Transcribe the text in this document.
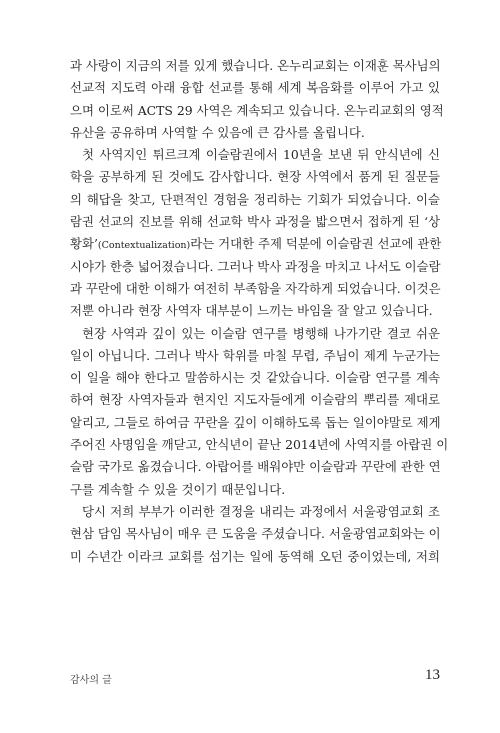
과 사랑이 지금의 저를 있게 했습니다. 온누리교회는 이재훈 목사님의
선교적 지도력 아래 융합 선교를 통해 세계 복음화를 이루어 가고 있
으며 이로써 ACTS 29 사역은 계속되고 있습니다. 온누리교회의 영적
유산을 공유하며 사역할 수 있음에 큰 감사를 올립니다.
첫 사역지인 튀르크계 이슬람권에서 10년을 보낸 뒤 안식년에 신
학을 공부하게 된 것에도 감사합니다. 현장 사역에서 품게 된 질문들
의 해답을 찾고, 단편적인 경험을 정리하는 기회가 되었습니다. 이슬
람권 선교의 진보를 위해 선교학 박사 과정을 밟으면서 접하게 된 ‘상
황화’(Contextualization)라는 거대한 주제 덕분에 이슬람권 선교에 관한
시야가 한층 넓어졌습니다. 그러나 박사 과정을 마치고 나서도 이슬람
과 꾸란에 대한 이해가 여전히 부족함을 자각하게 되었습니다. 이것은
저뿐 아니라 현장 사역자 대부분이 느끼는 바임을 잘 알고 있습니다.
현장 사역과 깊이 있는 이슬람 연구를 병행해 나가기란 결코 쉬운
일이 아닙니다. 그러나 박사 학위를 마칠 무렵, 주님이 제게 누군가는
이 일을 해야 한다고 말씀하시는 것 같았습니다. 이슬람 연구를 계속
하여 현장 사역자들과 현지인 지도자들에게 이슬람의 뿌리를 제대로
알리고, 그들로 하여금 꾸란을 깊이 이해하도록 돕는 일이야말로 제게
주어진 사명임을 깨닫고, 안식년이 끝난 2014년에 사역지를 아랍권 이
슬람 국가로 옮겼습니다. 아랍어를 배워야만 이슬람과 꾸란에 관한 연
구를 계속할 수 있을 것이기 때문입니다.
당시 저희 부부가 이러한 결정을 내리는 과정에서 서울광염교회 조
현삼 담임 목사님이 매우 큰 도움을 주셨습니다. 서울광염교회와는 이
미 수년간 이라크 교회를 섬기는 일에 동역해 오던 중이었는데, 저희
감사의 글	13
